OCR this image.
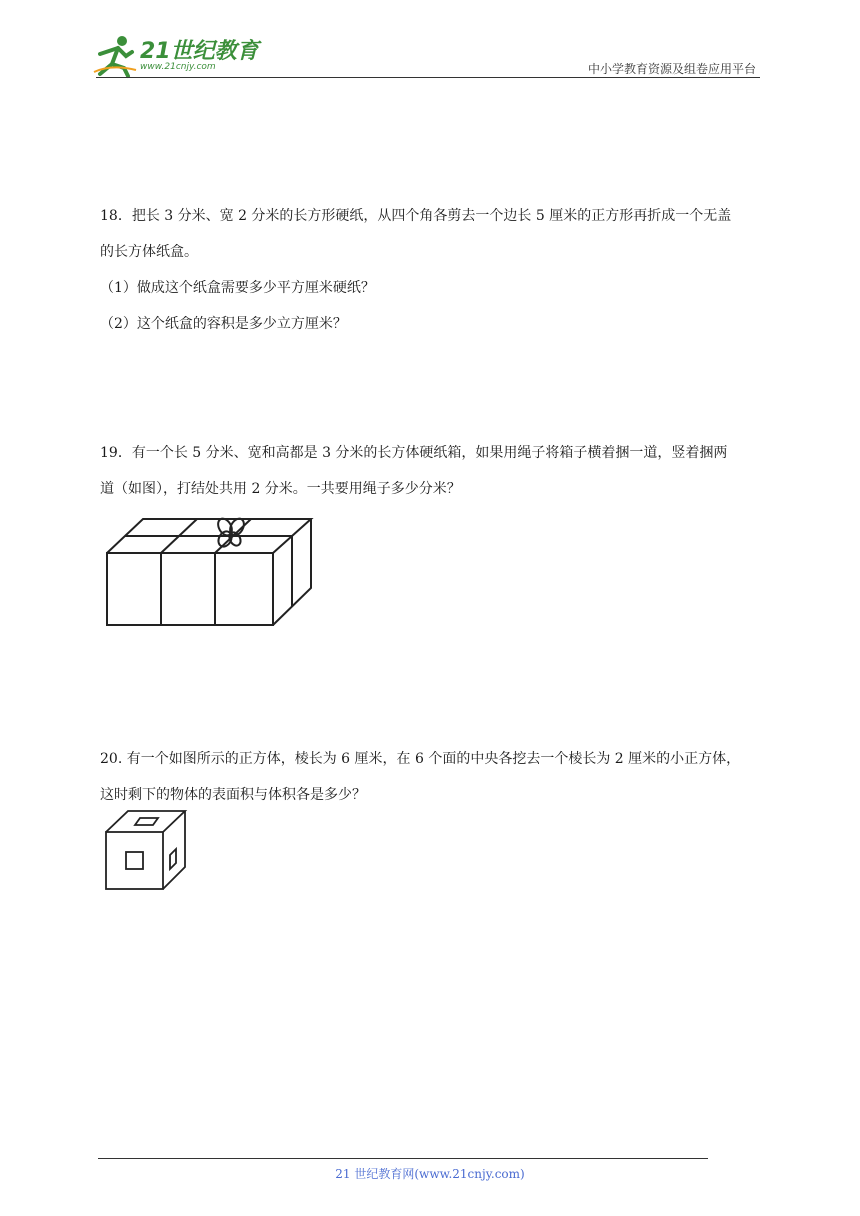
21世纪教育
www.21cnjy.com	中小学教育资源及组卷应用平台

18．把长 3 分米、宽 2 分米的长方形硬纸，从四个角各剪去一个边长 5 厘米的正方形再折成一个无盖

的长方体纸盒。

（1）做成这个纸盒需要多少平方厘米硬纸？

（2）这个纸盒的容积是多少立方厘米？

19．有一个长 5 分米、宽和高都是 3 分米的长方体硬纸箱，如果用绳子将箱子横着捆一道，竖着捆两

道（如图），打结处共用 2 分米。一共要用绳子多少分米？

20. 有一个如图所示的正方体，棱长为 6 厘米，在 6 个面的中央各挖去一个棱长为 2 厘米的小正方体，

这时剩下的物体的表面积与体积各是多少？

21 世纪教育网(www.21cnjy.com)
